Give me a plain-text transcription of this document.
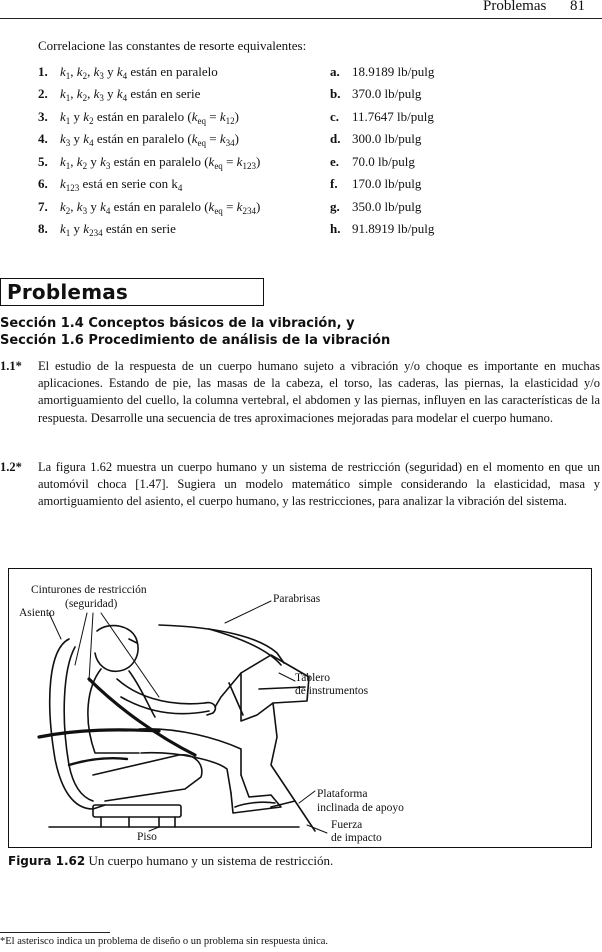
Problemas 81
Correlacione las constantes de resorte equivalentes:
1. $k_1$, $k_2$, $k_3$ y $k_4$ están en paralelo
2. $k_1$, $k_2$, $k_3$ y $k_4$ están en serie
3. $k_1$ y $k_2$ están en paralelo $(k_{eq} = k_{12})$
4. $k_3$ y $k_4$ están en paralelo $(k_{eq} = k_{34})$
5. $k_1$, $k_2$ y $k_3$ están en paralelo $(k_{eq} = k_{123})$
6. $k_{123}$ está en serie con $k_4$
7. $k_2$, $k_3$ y $k_4$ están en paralelo $(k_{eq} = k_{234})$
8. $k_1$ y $k_{234}$ están en serie
a. 18.9189 lb/pulg
b. 370.0 lb/pulg
c. 11.7647 lb/pulg
d. 300.0 lb/pulg
e. 70.0 lb/pulg
f. 170.0 lb/pulg
g. 350.0 lb/pulg
h. 91.8919 lb/pulg
Problemas
Sección 1.4 Conceptos básicos de la vibración, y
Sección 1.6 Procedimiento de análisis de la vibración
1.1* El estudio de la respuesta de un cuerpo humano sujeto a vibración y/o choque es importante en muchas aplicaciones. Estando de pie, las masas de la cabeza, el torso, las caderas, las piernas, la elasticidad y/o amortiguamiento del cuello, la columna vertebral, el abdomen y las piernas, influyen en las características de la respuesta. Desarrolle una secuencia de tres aproximaciones mejoradas para modelar el cuerpo humano.
1.2* La figura 1.62 muestra un cuerpo humano y un sistema de restricción (seguridad) en el momento en que un automóvil choca [1.47]. Sugiera un modelo matemático simple considerando la elasticidad, masa y amortiguamiento del asiento, el cuerpo humano, y las restricciones, para analizar la vibración del sistema.
Cinturones de restricción
(seguridad)
Asiento
Parabrisas
Tablero
de instrumentos
Plataforma
inclinada de apoyo
Fuerza
de impacto
Piso
Figura 1.62 Un cuerpo humano y un sistema de restricción.
*El asterisco indica un problema de diseño o un problema sin respuesta única.
